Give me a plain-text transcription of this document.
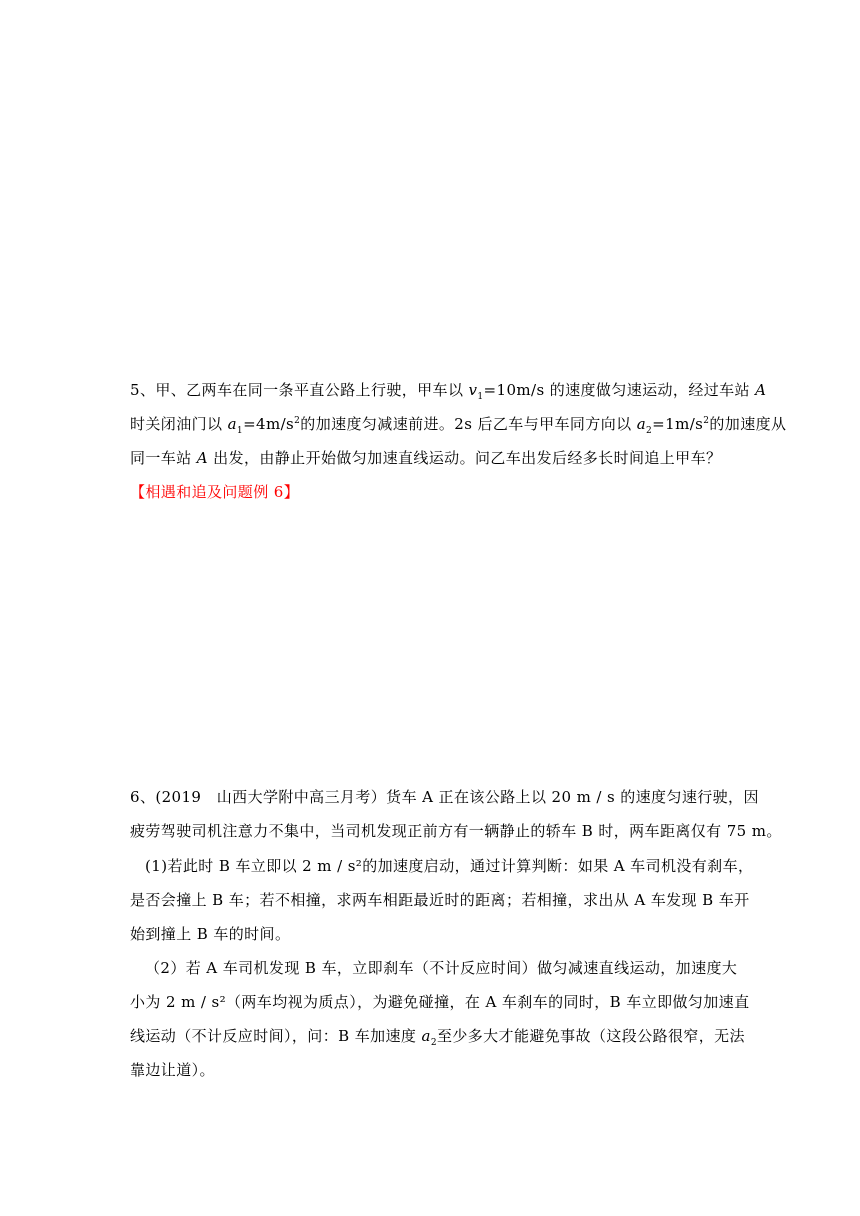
5、甲、乙两车在同一条平直公路上行驶，甲车以 $v_1=10m/s$ 的速度做匀速运动，经过车站 A
时关闭油门以 $a_1=4m/s^2$的加速度匀减速前进。2s 后乙车与甲车同方向以 $a_2=1m/s^2$的加速度从
同一车站 A 出发，由静止开始做匀加速直线运动。问乙车出发后经多长时间追上甲车？
【相遇和追及问题例 6】
6、(2019　山西大学附中高三月考）货车 A 正在该公路上以 20 m / s 的速度匀速行驶，因
疲劳驾驶司机注意力不集中，当司机发现正前方有一辆静止的轿车 B 时，两车距离仅有 75 m。
(1)若此时 B 车立即以 2 m / s²的加速度启动，通过计算判断：如果 A 车司机没有刹车，
是否会撞上 B 车；若不相撞，求两车相距最近时的距离；若相撞，求出从 A 车发现 B 车开
始到撞上 B 车的时间。
（2）若 A 车司机发现 B 车，立即刹车（不计反应时间）做匀减速直线运动，加速度大
小为 2 m / s²（两车均视为质点），为避免碰撞，在 A 车刹车的同时，B 车立即做匀加速直
线运动（不计反应时间），问：B 车加速度 $a_2$至少多大才能避免事故（这段公路很窄，无法
靠边让道）。
